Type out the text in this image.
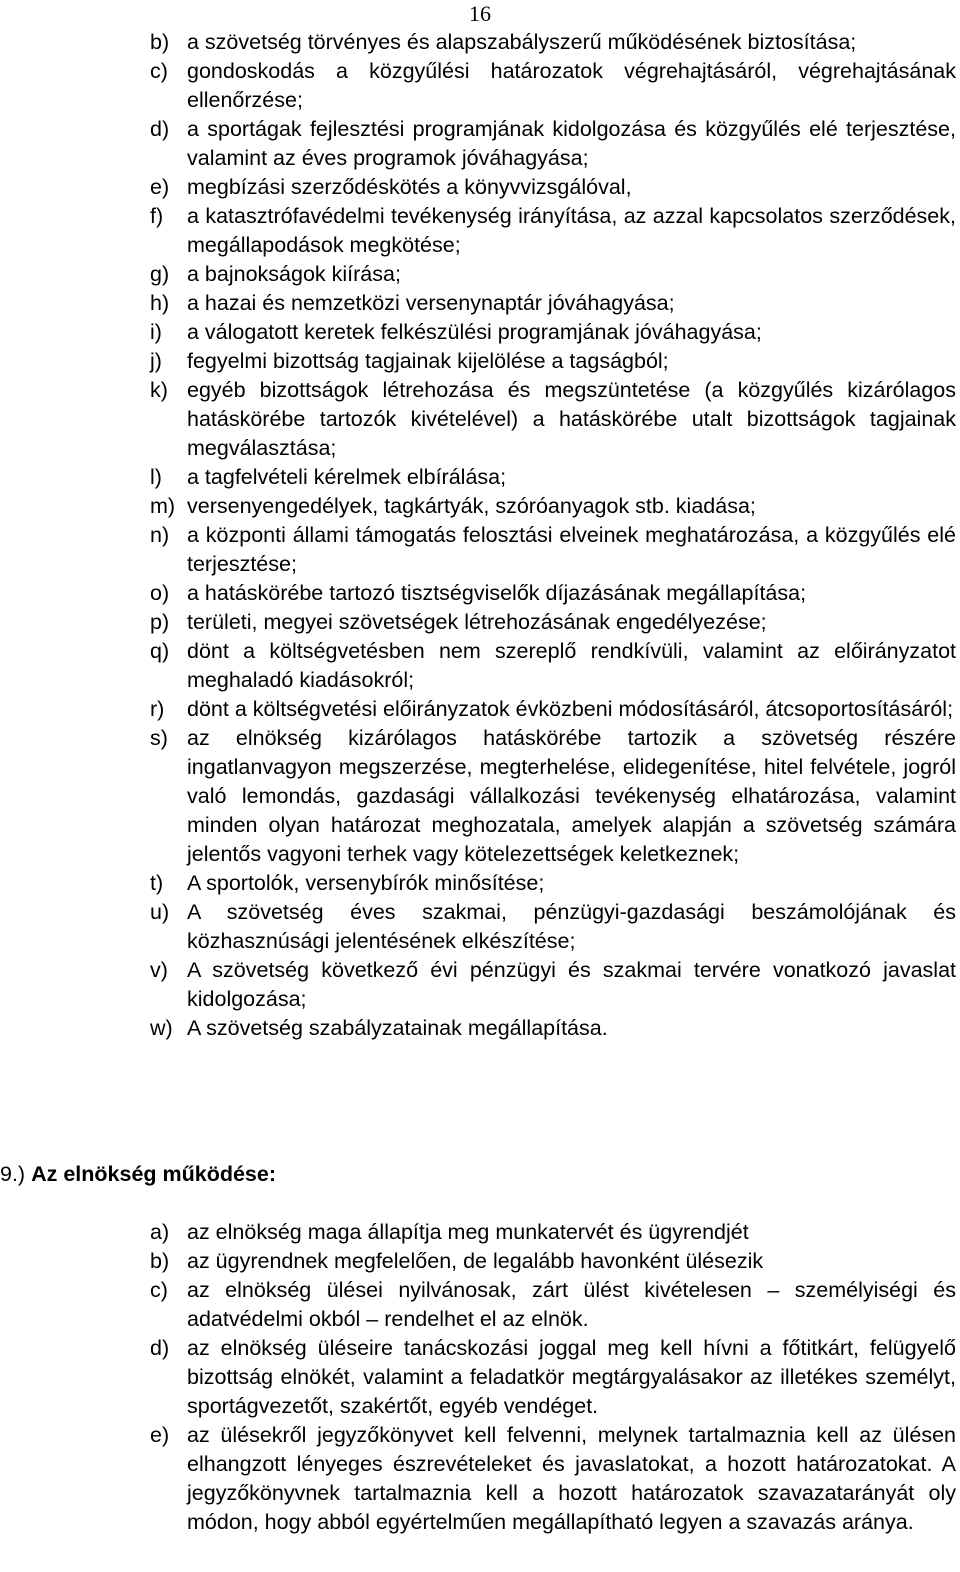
16
b) a szövetség törvényes és alapszabályszerű működésének biztosítása;
c) gondoskodás a közgyűlési határozatok végrehajtásáról, végrehajtásának ellenőrzése;
d) a sportágak fejlesztési programjának kidolgozása és közgyűlés elé terjesztése, valamint az éves programok jóváhagyása;
e) megbízási szerződéskötés a könyvvizsgálóval,
f)	a katasztrófavédelmi tevékenység irányítása, az azzal kapcsolatos szerződések, megállapodások megkötése;
g) a bajnokságok kiírása;
h) a hazai és nemzetközi versenynaptár jóváhagyása;
i)	a válogatott keretek felkészülési programjának jóváhagyása;
j)	fegyelmi bizottság tagjainak kijelölése a tagságból;
k) egyéb bizottságok létrehozása és megszüntetése (a közgyűlés kizárólagos hatáskörébe tartozók kivételével) a hatáskörébe utalt bizottságok tagjainak megválasztása;
l)	a tagfelvételi kérelmek elbírálása;
m) versenyengedélyek, tagkártyák, szóróanyagok stb. kiadása;
n) a központi állami támogatás felosztási elveinek meghatározása, a közgyűlés elé terjesztése;
o) a hatáskörébe tartozó tisztségviselők díjazásának megállapítása;
p) területi, megyei szövetségek létrehozásának engedélyezése;
q) dönt a költségvetésben nem szereplő rendkívüli, valamint az előirányzatot meghaladó kiadásokról;
r)	dönt a költségvetési előirányzatok évközbeni módosításáról, átcsoportosításáról;
s) az elnökség kizárólagos hatáskörébe tartozik a szövetség részére ingatlanvagyon megszerzése, megterhelése, elidegenítése, hitel felvétele, jogról való lemondás, gazdasági vállalkozási tevékenység elhatározása, valamint minden olyan határozat meghozatala, amelyek alapján a szövetség számára jelentős vagyoni terhek vagy kötelezettségek keletkeznek;
t)	A sportolók, versenybírók minősítése;
u) A szövetség éves szakmai, pénzügyi-gazdasági beszámolójának és közhasznúsági jelentésének elkészítése;
v) A szövetség következő évi pénzügyi és szakmai tervére vonatkozó javaslat kidolgozása;
w) A szövetség szabályzatainak megállapítása.
9.) Az elnökség működése:
a) az elnökség maga állapítja meg munkatervét és ügyrendjét
b) az ügyrendnek megfelelően, de legalább havonként ülésezik
c) az elnökség ülései nyilvánosak, zárt ülést kivételesen – személyiségi és adatvédelmi okból – rendelhet el az elnök.
d) az elnökség üléseire tanácskozási joggal meg kell hívni a főtitkárt, felügyelő bizottság elnökét, valamint a feladatkör megtárgyalásakor az illetékes személyt, sportágvezetőt, szakértőt, egyéb vendéget.
e) az ülésekről jegyzőkönyvet kell felvenni, melynek tartalmaznia kell az ülésen elhangzott lényeges észrevételeket és javaslatokat, a hozott határozatokat. A jegyzőkönyvnek tartalmaznia kell a hozott határozatok szavazatarányát oly módon, hogy abból egyértelműen megállapítható legyen a szavazás aránya.
